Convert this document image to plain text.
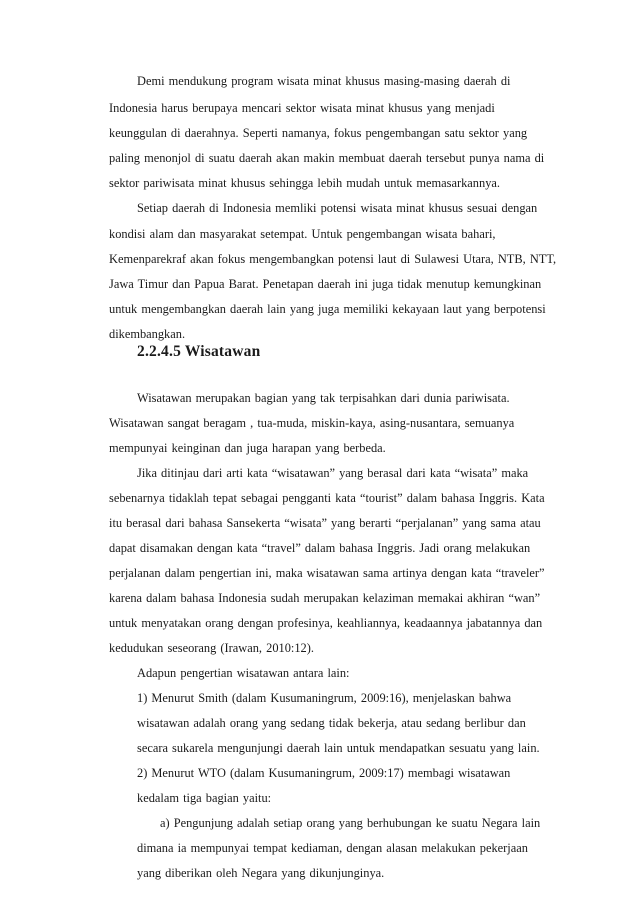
Demi mendukung program wisata minat khusus masing-masing daerah di
Indonesia harus berupaya mencari sektor wisata minat khusus yang menjadi
keunggulan di daerahnya. Seperti namanya, fokus pengembangan satu sektor yang
paling menonjol di suatu daerah akan makin membuat daerah tersebut punya nama di
sektor pariwisata minat khusus sehingga lebih mudah untuk memasarkannya.
Setiap daerah di Indonesia memliki potensi wisata minat khusus sesuai dengan
kondisi alam dan masyarakat setempat. Untuk pengembangan wisata bahari,
Kemenparekraf akan fokus mengembangkan potensi laut di Sulawesi Utara, NTB, NTT,
Jawa Timur dan Papua Barat. Penetapan daerah ini juga tidak menutup kemungkinan
untuk mengembangkan daerah lain yang juga memiliki kekayaan laut yang berpotensi
dikembangkan.
2.2.4.5 Wisatawan
Wisatawan merupakan bagian yang tak terpisahkan dari dunia pariwisata.
Wisatawan sangat beragam , tua-muda, miskin-kaya, asing-nusantara, semuanya
mempunyai keinginan dan juga harapan yang berbeda.
Jika ditinjau dari arti kata “wisatawan” yang berasal dari kata “wisata” maka
sebenarnya tidaklah tepat sebagai pengganti kata “tourist” dalam bahasa Inggris. Kata
itu berasal dari bahasa Sansekerta “wisata” yang berarti “perjalanan” yang sama atau
dapat disamakan dengan kata “travel” dalam bahasa Inggris. Jadi orang melakukan
perjalanan dalam pengertian ini, maka wisatawan sama artinya dengan kata “traveler”
karena dalam bahasa Indonesia sudah merupakan kelaziman memakai akhiran “wan”
untuk menyatakan orang dengan profesinya, keahliannya, keadaannya jabatannya dan
kedudukan seseorang (Irawan, 2010:12).
Adapun pengertian wisatawan antara lain:
1) Menurut Smith (dalam Kusumaningrum, 2009:16), menjelaskan bahwa
wisatawan adalah orang yang sedang tidak bekerja, atau sedang berlibur dan
secara sukarela mengunjungi daerah lain untuk mendapatkan sesuatu yang lain.
2) Menurut WTO (dalam Kusumaningrum, 2009:17) membagi wisatawan
kedalam tiga bagian yaitu:
a) Pengunjung adalah setiap orang yang berhubungan ke suatu Negara lain
dimana ia mempunyai tempat kediaman, dengan alasan melakukan pekerjaan
yang diberikan oleh Negara yang dikunjunginya.
